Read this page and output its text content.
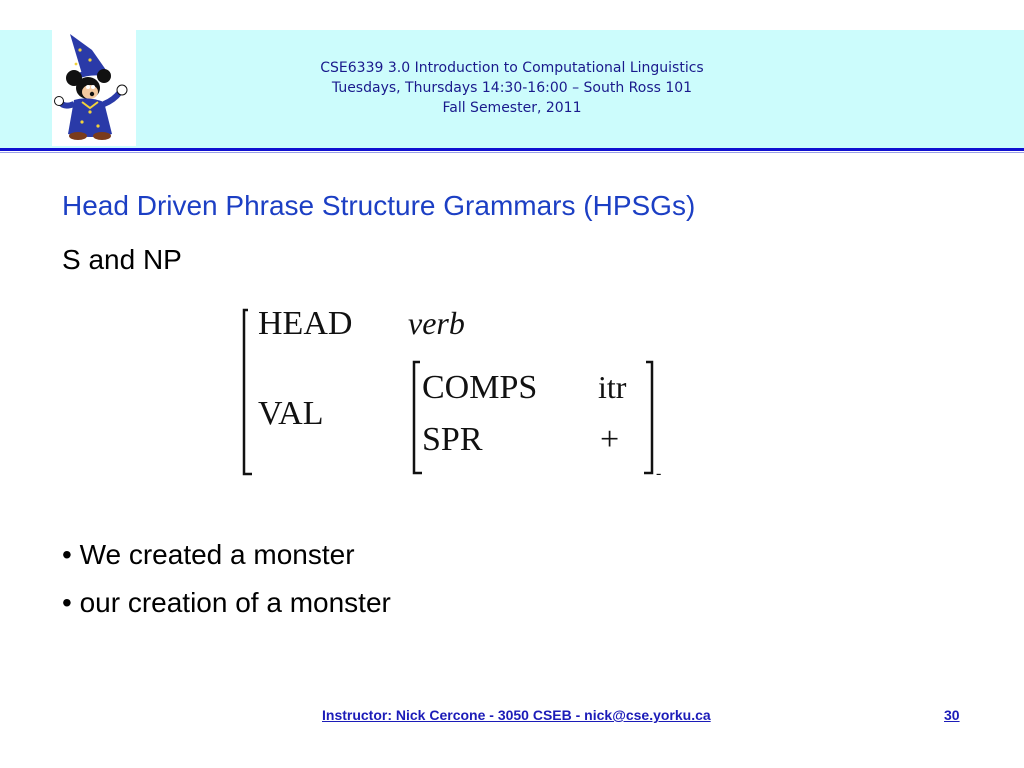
CSE6339 3.0 Introduction to Computational Linguistics
Tuesdays, Thursdays 14:30-16:00 – South Ross 101
Fall Semester, 2011
Head Driven Phrase Structure Grammars (HPSGs)
S and NP
HEAD verb
VAL
COMPS itr
SPR	+
-
• We created a monster
• our creation of a monster
Instructor: Nick Cercone - 3050 CSEB - nick@cse.yorku.ca	30
